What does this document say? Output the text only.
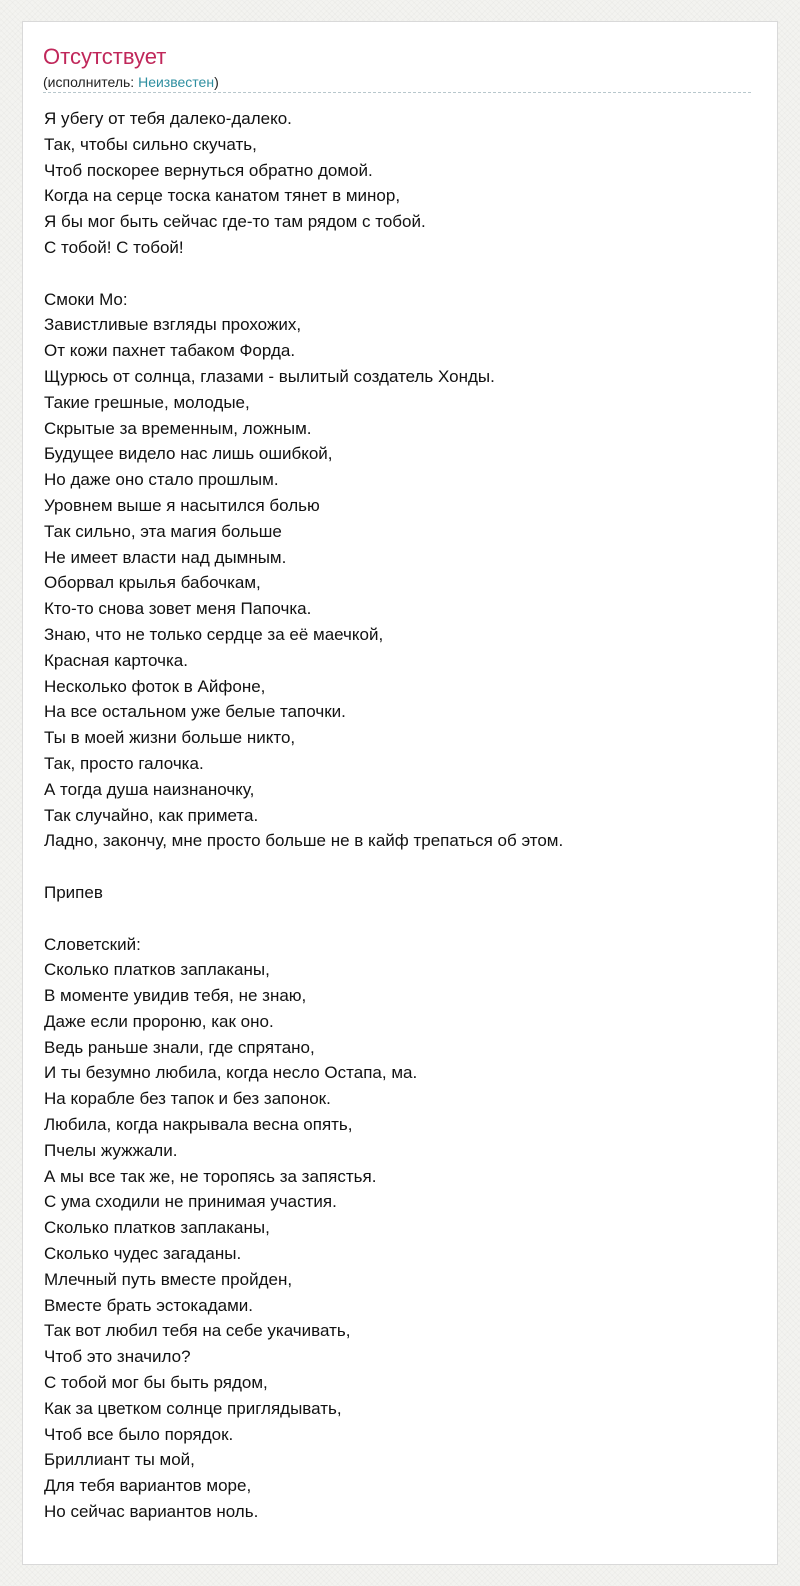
Отсутствует
(исполнитель: Неизвестен)
Я убегу от тебя далеко-далеко.
Так, чтобы сильно скучать,
Чтоб поскорее вернуться обратно домой.
Когда на серце тоска канатом тянет в минор,
Я бы мог быть сейчас где-то там рядом с тобой.
С тобой! С тобой!
Смоки Мо:
Завистливые взгляды прохожих,
От кожи пахнет табаком Форда.
Щурюсь от солнца, глазами - вылитый создатель Хонды.
Такие грешные, молодые,
Скрытые за временным, ложным.
Будущее видело нас лишь ошибкой,
Но даже оно стало прошлым.
Уровнем выше я насытился болью
Так сильно, эта магия больше
Не имеет власти над дымным.
Оборвал крылья бабочкам,
Кто-то снова зовет меня Папочка.
Знаю, что не только сердце за её маечкой,
Красная карточка.
Несколько фоток в Айфоне,
На все остальном уже белые тапочки.
Ты в моей жизни больше никто,
Так, просто галочка.
А тогда душа наизнаночку,
Так случайно, как примета.
Ладно, закончу, мне просто больше не в кайф трепаться об этом.
Припев
Словетский:
Сколько платков заплаканы,
В моменте увидив тебя, не знаю,
Даже если пророню, как оно.
Ведь раньше знали, где спрятано,
И ты безумно любила, когда несло Остапа, ма.
На корабле без тапок и без запонок.
Любила, когда накрывала весна опять,
Пчелы жужжали.
А мы все так же, не торопясь за запястья.
С ума сходили не принимая участия.
Сколько платков заплаканы,
Сколько чудес загаданы.
Млечный путь вместе пройден,
Вместе брать эстокадами.
Так вот любил тебя на себе укачивать,
Чтоб это значило?
С тобой мог бы быть рядом,
Как за цветком солнце приглядывать,
Чтоб все было порядок.
Бриллиант ты мой,
Для тебя вариантов море,
Но сейчас вариантов ноль.
